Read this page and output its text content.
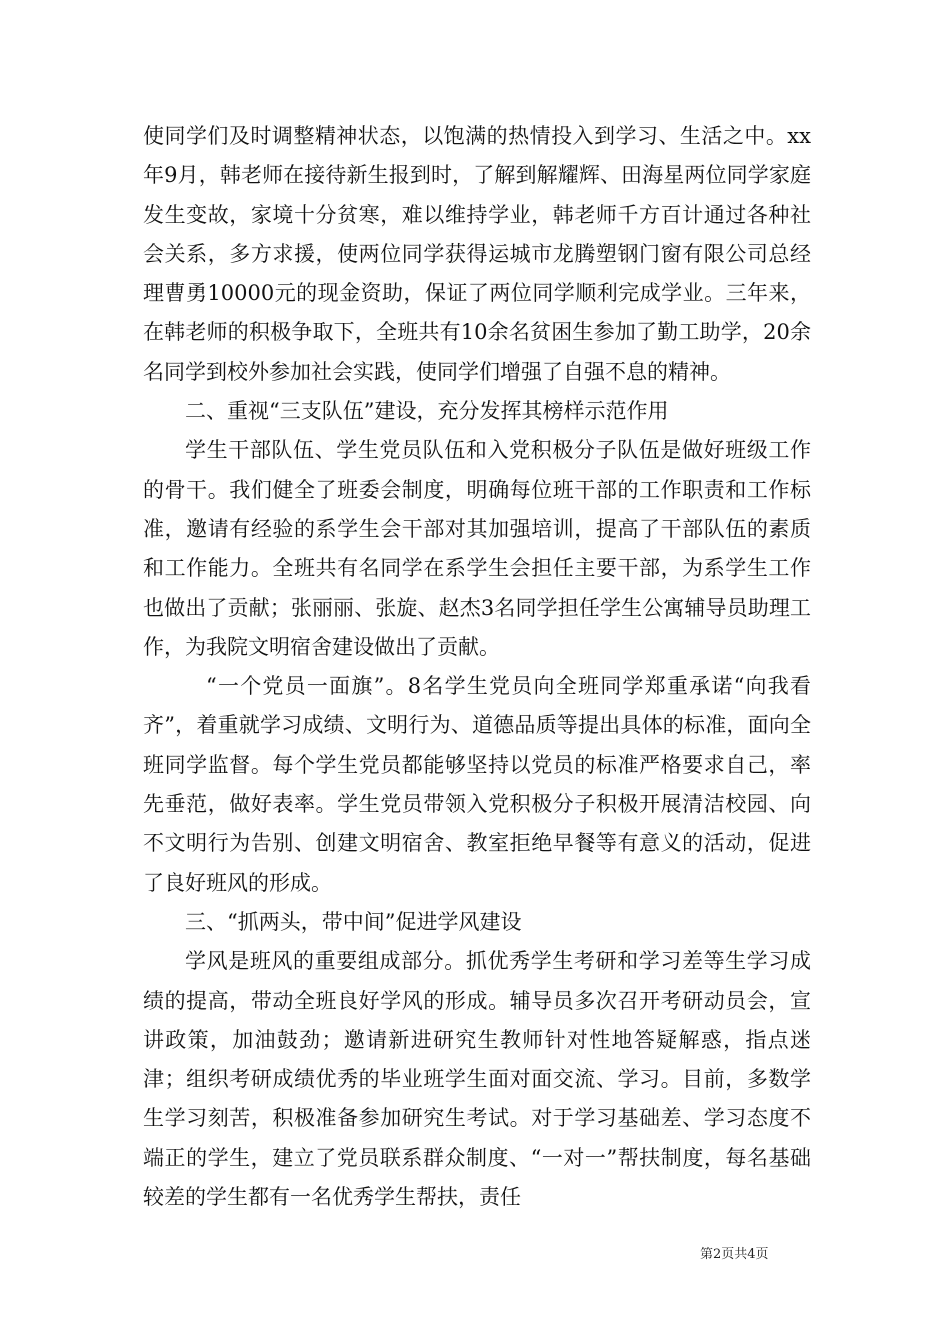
使同学们及时调整精神状态，以饱满的热情投入到学习、生活之中。xx年9月，韩老师在接待新生报到时，了解到解耀辉、田海星两位同学家庭发生变故，家境十分贫寒，难以维持学业，韩老师千方百计通过各种社会关系，多方求援，使两位同学获得运城市龙腾塑钢门窗有限公司总经理曹勇10000元的现金资助，保证了两位同学顺利完成学业。三年来，在韩老师的积极争取下，全班共有10余名贫困生参加了勤工助学，20余名同学到校外参加社会实践，使同学们增强了自强不息的精神。

二、重视“三支队伍”建设，充分发挥其榜样示范作用

学生干部队伍、学生党员队伍和入党积极分子队伍是做好班级工作的骨干。我们健全了班委会制度，明确每位班干部的工作职责和工作标准，邀请有经验的系学生会干部对其加强培训，提高了干部队伍的素质和工作能力。全班共有名同学在系学生会担任主要干部，为系学生工作也做出了贡献；张丽丽、张旋、赵杰3名同学担任学生公寓辅导员助理工作，为我院文明宿舍建设做出了贡献。

“一个党员一面旗”。8名学生党员向全班同学郑重承诺“向我看齐”，着重就学习成绩、文明行为、道德品质等提出具体的标准，面向全班同学监督。每个学生党员都能够坚持以党员的标准严格要求自己，率先垂范，做好表率。学生党员带领入党积极分子积极开展清洁校园、向不文明行为告别、创建文明宿舍、教室拒绝早餐等有意义的活动，促进了良好班风的形成。

三、“抓两头，带中间”促进学风建设

学风是班风的重要组成部分。抓优秀学生考研和学习差等生学习成绩的提高，带动全班良好学风的形成。辅导员多次召开考研动员会，宣讲政策，加油鼓劲；邀请新进研究生教师针对性地答疑解惑，指点迷津；组织考研成绩优秀的毕业班学生面对面交流、学习。目前，多数学生学习刻苦，积极准备参加研究生考试。对于学习基础差、学习态度不端正的学生，建立了党员联系群众制度、“一对一”帮扶制度，每名基础较差的学生都有一名优秀学生帮扶，责任

第2页共4页
